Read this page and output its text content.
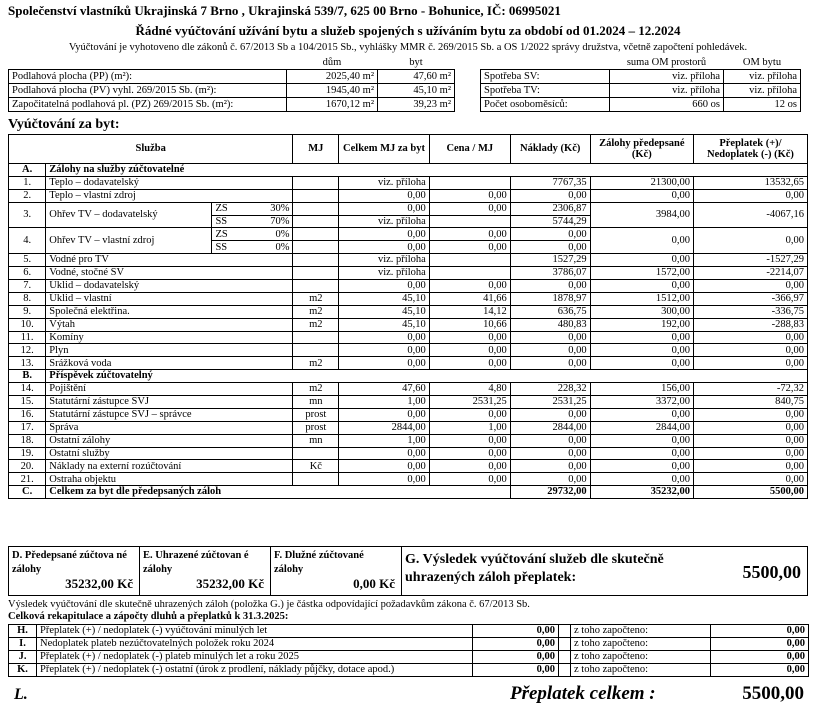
Společenství vlastníků Ukrajinská 7 Brno , Ukrajinská 539/7, 625 00 Brno - Bohunice, IČ: 06995021
Řádné vyúčtování užívání bytu a služeb spojených s užíváním bytu za období od 01.2024 – 12.2024
Vyúčtování je vyhotoveno dle zákonů č. 67/2013 Sb a 104/2015 Sb., vyhlášky MMR č. 269/2015 Sb. a OS 1/2022 správy družstva, včetně započtení pohledávek.
	dům	byt			suma OM prostorů	OM bytu
Podlahová plocha (PP) (m²):	2025,40 m²	47,60 m²		Spotřeba SV:	viz. příloha	viz. příloha
Podlahová plocha (PV) vyhl. 269/2015 Sb. (m²):	1945,40 m²	45,10 m²		Spotřeba TV:	viz. příloha	viz. příloha
Započitatelná podlahová pl. (PZ) 269/2015 Sb. (m²):	1670,12 m²	39,23 m²		Počet osoboměsíců:	660 os	12 os
Vyúčtování za byt:
Služba				MJ	Celkem MJ za byt	Cena / MJ	Náklady (Kč)	Zálohy předepsané (Kč)	Přeplatek (+)/ Nedoplatek (-) (Kč)
A.	Zálohy na služby zúčtovatelné								
1.	Teplo – dodavatelský				viz. příloha		7767,35	21300,00	13532,65
2.	Teplo – vlastní zdroj				0,00	0,00	0,00	0,00	0,00
3.	Ohřev TV – dodavatelský	ZS	30%		0,00	0,00	2306,87	3984,00	-4067,16
		SS	70%		viz. příloha		5744,29		
4.	Ohřev TV – vlastní zdroj	ZS	0%		0,00	0,00	0,00	0,00	0,00
		SS	0%		0,00	0,00	0,00		
5.	Vodné pro TV				viz. příloha		1527,29	0,00	-1527,29
6.	Vodné, stočné SV				viz. příloha		3786,07	1572,00	-2214,07
7.	Úklid – dodavatelský				0,00	0,00	0,00	0,00	0,00
8.	Úklid – vlastní			m2	45,10	41,66	1878,97	1512,00	-366,97
9.	Společná elektřina.			m2	45,10	14,12	636,75	300,00	-336,75
10.	Výtah			m2	45,10	10,66	480,83	192,00	-288,83
11.	Komíny				0,00	0,00	0,00	0,00	0,00
12.	Plyn				0,00	0,00	0,00	0,00	0,00
13.	Srážková voda			m2	0,00	0,00	0,00	0,00	0,00
B.	Příspěvek zúčtovatelný								
14.	Pojištění			m2	47,60	4,80	228,32	156,00	-72,32
15.	Statutární zástupce SVJ			mn	1,00	2531,25	2531,25	3372,00	840,75
16.	Statutární zástupce SVJ – správce			prost	0,00	0,00	0,00	0,00	0,00
17.	Správa			prost	2844,00	1,00	2844,00	2844,00	0,00
18.	Ostatní zálohy			mn	1,00	0,00	0,00	0,00	0,00
19.	Ostatní služby				0,00	0,00	0,00	0,00	0,00
20.	Náklady na externí rozúčtování			Kč	0,00	0,00	0,00	0,00	0,00
21.	Ostraha objektu				0,00	0,00	0,00	0,00	0,00
C.	Celkem za byt dle předepsaných záloh						29732,00	35232,00	5500,00
D. Předepsané zúčtova né zálohy
35232,00 Kč
E. Uhrazené zúčtovan é zálohy
35232,00 Kč
F. Dlužné zúčtované zálohy
0,00 Kč
G. Výsledek vyúčtování služeb dle skutečně uhrazených záloh přeplatek:	5500,00
Výsledek vyúčtování dle skutečně uhrazených záloh (položka G.) je částka odpovídající požadavkům zákona č. 67/2013 Sb.
Celková rekapitulace a zápočty dluhů a přeplatků k 31.3.2025:
H.	Přeplatek (+) / nedoplatek (-) vyúčtování minulých let	0,00		z toho započteno:	0,00
I.	Nedoplatek plateb nezúčtovatelných položek roku 2024	0,00		z toho započteno:	0,00
J.	Přeplatek (+) / nedoplatek (-) plateb minulých let a roku 2025	0,00		z toho započteno:	0,00
K.	Přeplatek (+) / nedoplatek (-) ostatní (úrok z prodlení, náklady půjčky, dotace apod.)	0,00		z toho započteno:	0,00
L.	Přeplatek celkem :	5500,00
